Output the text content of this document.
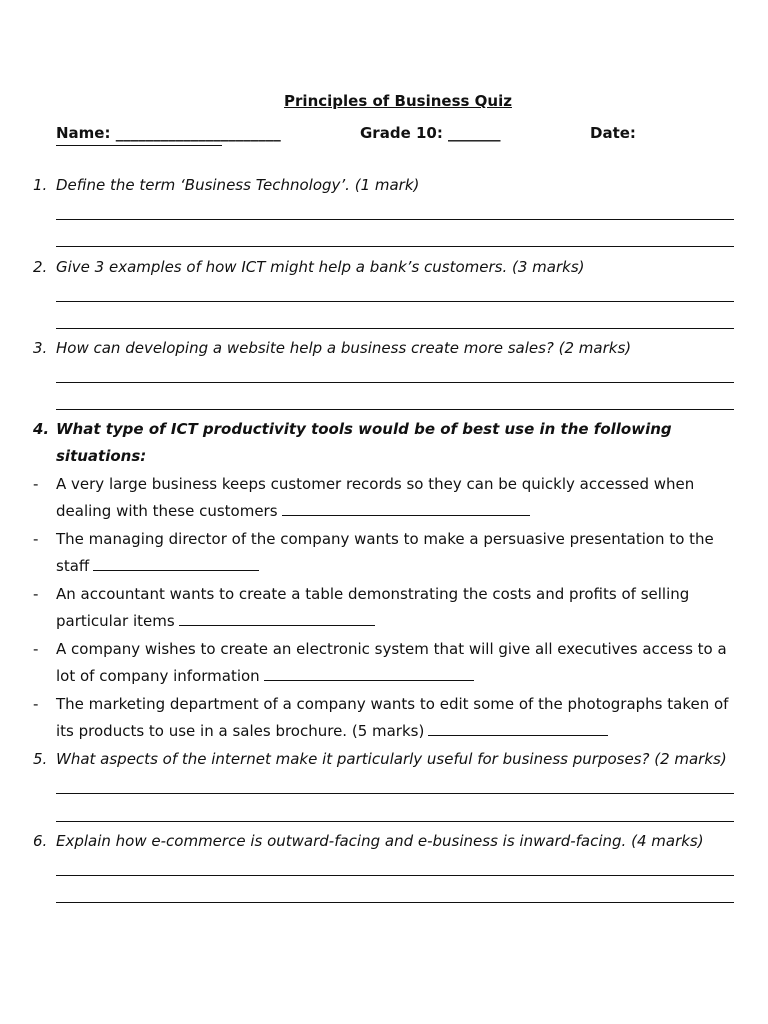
Principles of Business Quiz
Name: ______________________	Grade 10: _______	Date:
1. Define the term ‘Business Technology’. (1 mark)
2. Give 3 examples of how ICT might help a bank’s customers. (3 marks)
3. How can developing a website help a business create more sales? (2 marks)
4. What type of ICT productivity tools would be of best use in the following
situations:
- A very large business keeps customer records so they can be quickly accessed when
dealing with these customers
- The managing director of the company wants to make a persuasive presentation to the
staff
- An accountant wants to create a table demonstrating the costs and profits of selling
particular items
- A company wishes to create an electronic system that will give all executives access to a
lot of company information
- The marketing department of a company wants to edit some of the photographs taken of
its products to use in a sales brochure. (5 marks)
5. What aspects of the internet make it particularly useful for business purposes? (2 marks)
6. Explain how e-commerce is outward-facing and e-business is inward-facing. (4 marks)
